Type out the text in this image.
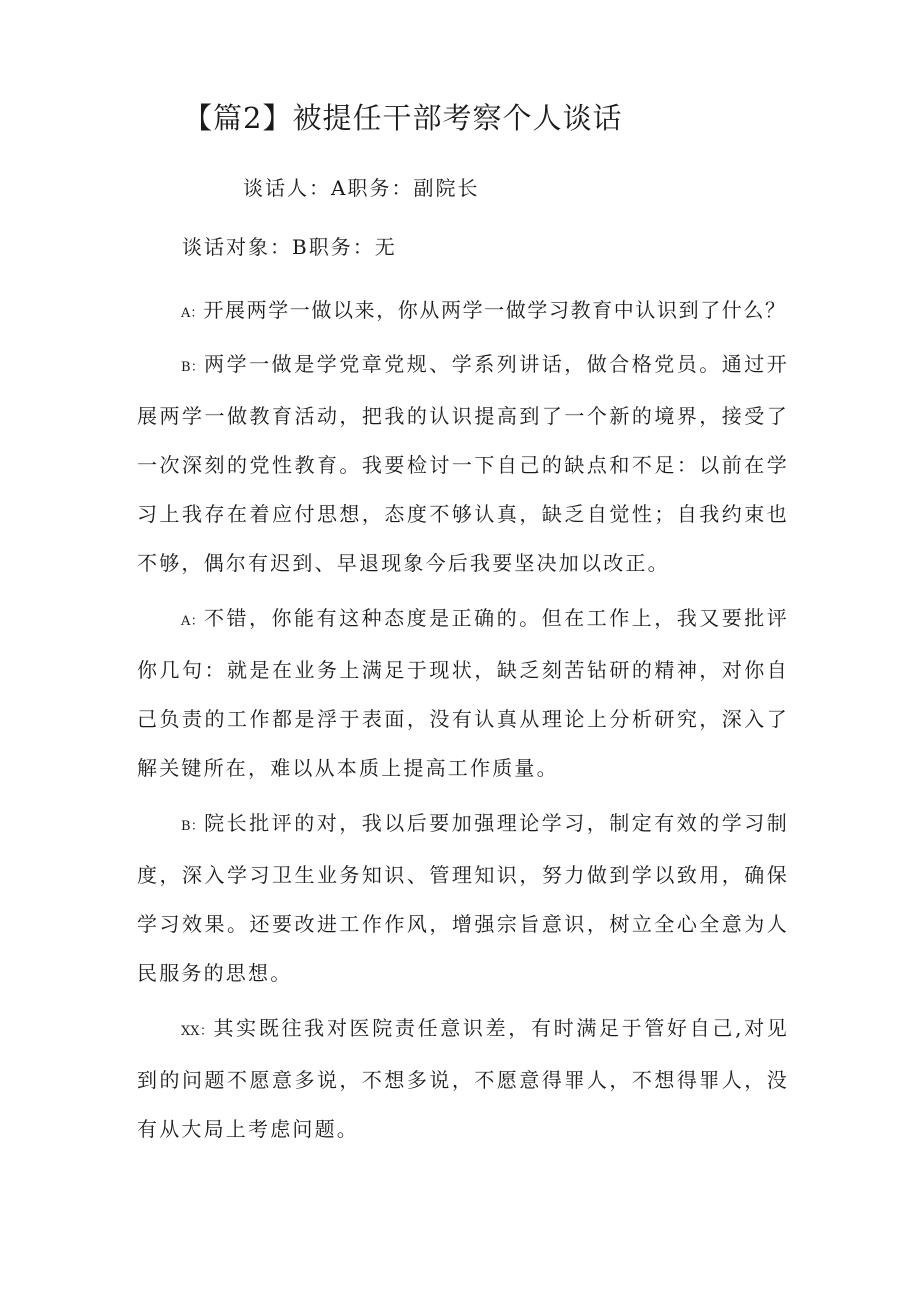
【篇2】被提任干部考察个人谈话
谈话人：A职务：副院长
谈话对象：B职务：无

A：开展两学一做以来，你从两学一做学习教育中认识到了什么？

B：两学一做是学党章党规、学系列讲话，做合格党员。通过开展两学一做教育活动，把我的认识提高到了一个新的境界，接受了一次深刻的党性教育。我要检讨一下自己的缺点和不足：以前在学习上我存在着应付思想，态度不够认真，缺乏自觉性；自我约束也不够，偶尔有迟到、早退现象今后我要坚决加以改正。

A：不错，你能有这种态度是正确的。但在工作上，我又要批评你几句：就是在业务上满足于现状，缺乏刻苦钻研的精神，对你自己负责的工作都是浮于表面，没有认真从理论上分析研究，深入了解关键所在，难以从本质上提高工作质量。

B：院长批评的对，我以后要加强理论学习，制定有效的学习制度，深入学习卫生业务知识、管理知识，努力做到学以致用，确保学习效果。还要改进工作作风，增强宗旨意识，树立全心全意为人民服务的思想。

XX：其实既往我对医院责任意识差，有时满足于管好自己,对见到的问题不愿意多说，不想多说，不愿意得罪人，不想得罪人，没有从大局上考虑问题。
